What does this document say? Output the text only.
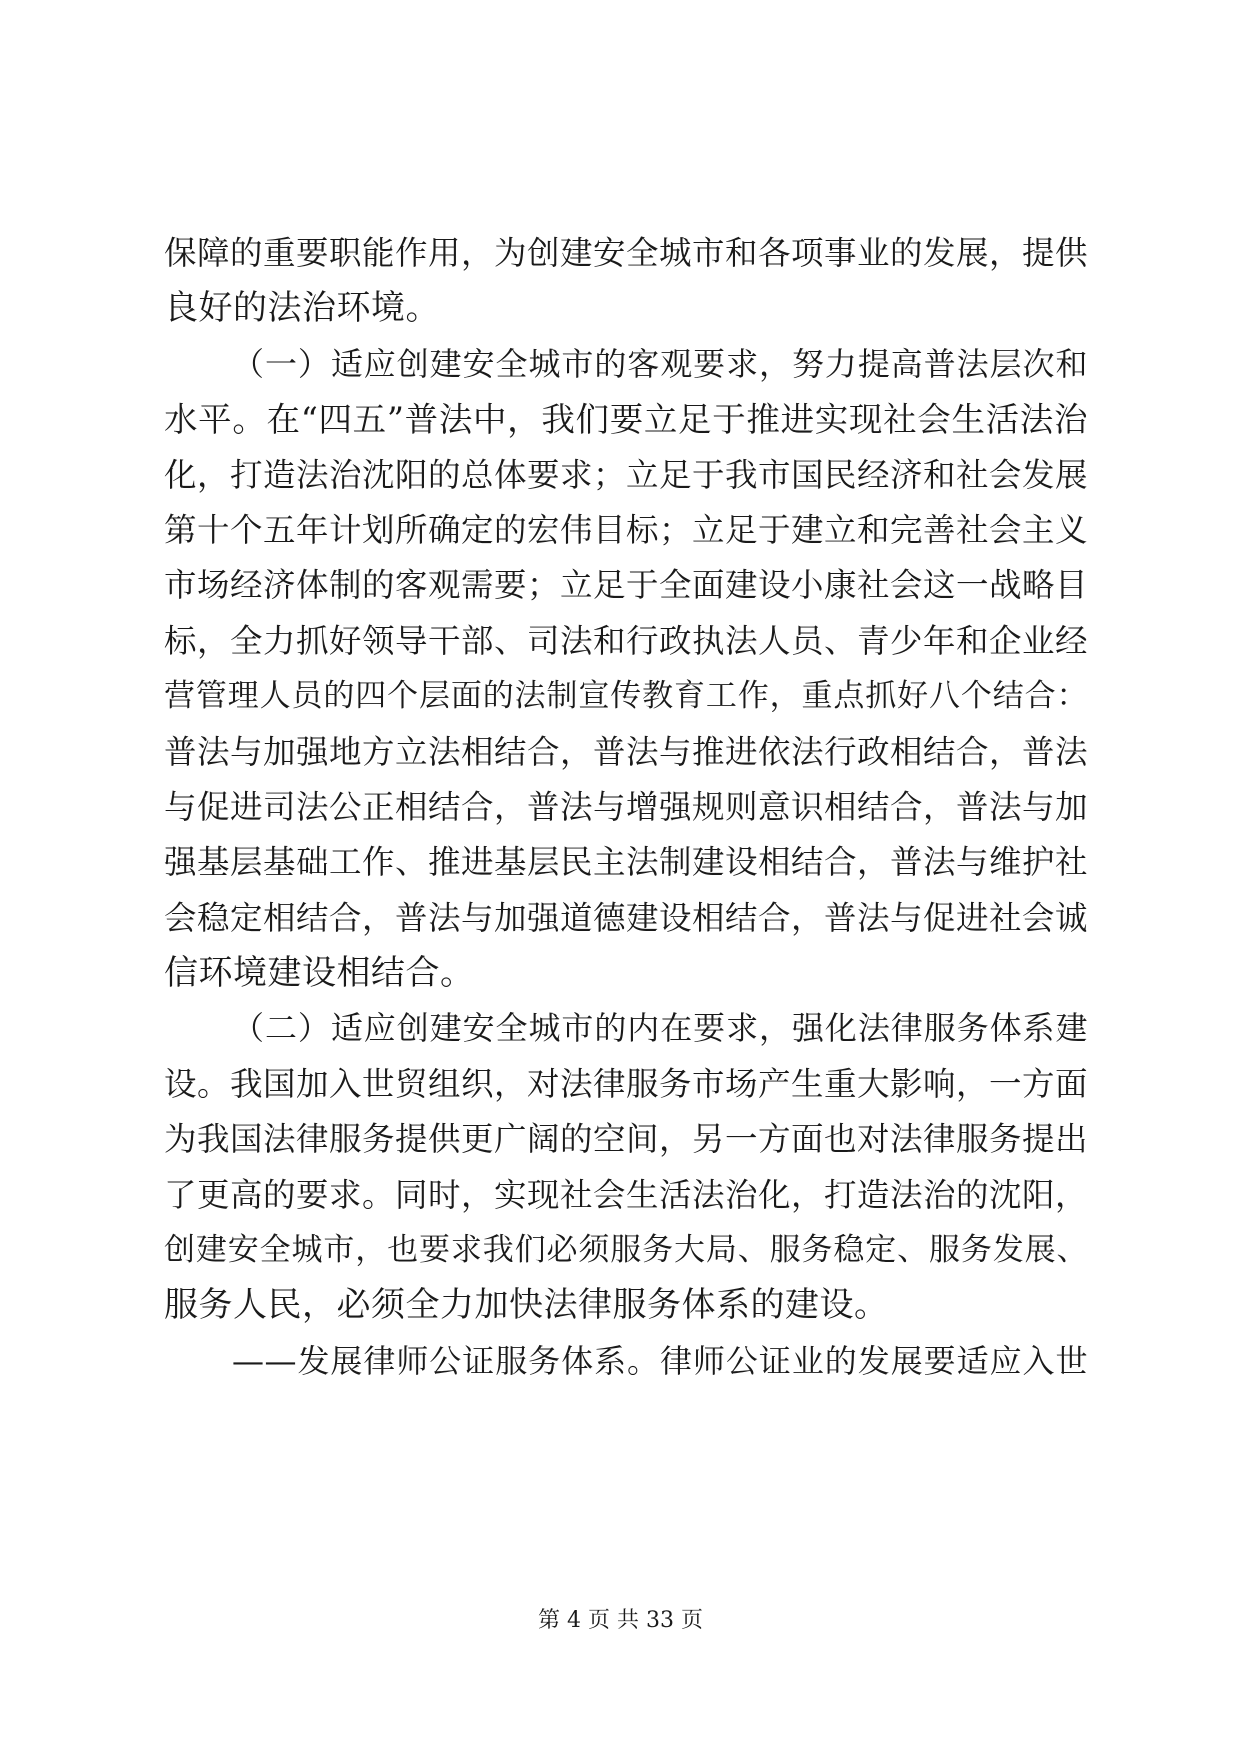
保障的重要职能作用，为创建安全城市和各项事业的发展，提供
良好的法治环境。
（一）适应创建安全城市的客观要求，努力提高普法层次和
水平。在“四五”普法中，我们要立足于推进实现社会生活法治
化，打造法治沈阳的总体要求；立足于我市国民经济和社会发展
第十个五年计划所确定的宏伟目标；立足于建立和完善社会主义
市场经济体制的客观需要；立足于全面建设小康社会这一战略目
标，全力抓好领导干部、司法和行政执法人员、青少年和企业经
营管理人员的四个层面的法制宣传教育工作，重点抓好八个结合：
普法与加强地方立法相结合，普法与推进依法行政相结合，普法
与促进司法公正相结合，普法与增强规则意识相结合，普法与加
强基层基础工作、推进基层民主法制建设相结合，普法与维护社
会稳定相结合，普法与加强道德建设相结合，普法与促进社会诚
信环境建设相结合。
（二）适应创建安全城市的内在要求，强化法律服务体系建
设。我国加入世贸组织，对法律服务市场产生重大影响，一方面
为我国法律服务提供更广阔的空间，另一方面也对法律服务提出
了更高的要求。同时，实现社会生活法治化，打造法治的沈阳，
创建安全城市，也要求我们必须服务大局、服务稳定、服务发展、
服务人民，必须全力加快法律服务体系的建设。
——发展律师公证服务体系。律师公证业的发展要适应入世
第 4 页 共 33 页
